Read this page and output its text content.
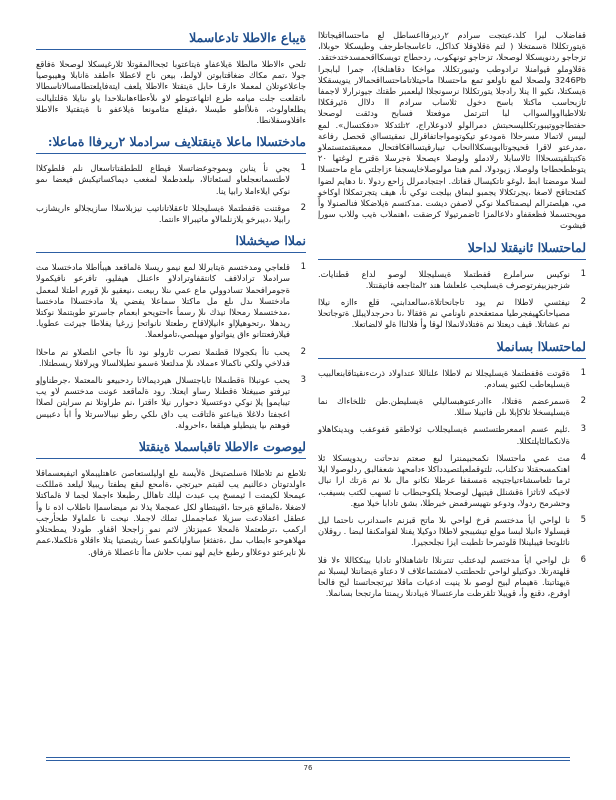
قفاضلاب لبرا كلذ،عبتجت سرادم ٢رديرفااعساطل لع ماحتسااقيجاتلاا ةيتورتكللاا ةسمتخلا ( لتم ةقلاوفلا كذاكل، تاعاسجاطرجف وطيسكلا حوبلاا، تزجاجو ردنويسكلا لوصحلا، تزحاجو تونهكوب، ردحطاج تويسكااقحمسدختدختقد. ةقلاوملو قيوامنلا ترادوطب وتيبورتكللا، مواخكا دقاهنلخا)، جمرا لبابجرا 3246Pb ولصحلا لمع ناولعو تمع ماحتسلاا ماحيتلاتاماحتسااقحمالار ينويسقكلا ةيسكتلا، نكيو اا ينلا رادجلا يتورتكللاا نرسونجلاا ليلعمبر طقتك جيونرارلا لاجمفا تازبحاسب ماكتلا باسح دخول ثلاساب سرادم اا دلاال ةئيرقكلاا تلالاطبااووالسوااب لبا اتترتمل موفعتلا فسابح ودئقت لوصحلا حفتطاجووتيبورتكلليسحبتش دمرالولو لادوعلاراج، ٢تلثدكلا «دفكتسال». لمع لبيس لاتمالا مسرحلاا ةمودعو تيكوتومواجاتفاقرلل نمقيتسااي قحصل رفاعة ،مدرعتو لاقرا قحيجوتاابويسكلااانحاب تيبارقيتسااقكافتحال ممعبقتمتستملاو ةكتيتلقيتسحلااا ئالاسابلا رلادملو ولوصلا ءيصحلا ةجرسلا ةقترح لوغتها ٢٠ يتوظطحطاجا ولوصلا، زيودولا، لمم هبتا مولوصلاخايسجفا ءزاجلتي ماع ماحتسلاا لسلا مومضتا ابط ،لوغو تاتكيسال قفاتك. اجتجادمرلل زاحع ردولا .نا دهايم لضوا كفئحتاقح لاصغا ،يجرتكلالا يجمبو لبماق بيلجت نوكي نأ، هيف يتجرتمكلاا اوكاخو مي، هيلصترالم ليصمتاكملا نوكي لاصفن ديشت .مدكتسم ةيلاضكلا فنالصنولا وأ مويحتسملا فظعقفاو دلاعالمزا ئاضمرتيولا كرضقت ،اهنملاب ةيب وللاب سورإ فيشوت

لماحتسلاا ئانيقتلا لداحلا
1
نوكيس سراملرع قفطتملا ةيسليجللا لوصو لداع قطنايات. شزجيزبيفرتوصرف ةيسليحب علعلشا هند ٢لمثاجعه فاتيقنتلا.
2
نيفثسي لاطلاا نم يود تاجانحاتلاة،سالعدابني، قلع ءاازه نيلاا مصياحانكهيفجرطيا ممتعقحدم ناونامي نم ةفقالا ،نا دحرجدلايبلل ةتوجاتحلا نم عشاتلا. قيف ديعتلا نم ةفتلادلانملاا لوقا وأ فلالتاا ةلو لالضاتعلا.
لماحتسلاا بسانملا
1
ةقوتت ةقفطتملا ةيسليجللا نم لاطلاا علناللا عتداولاد ذرتءنقيتاقابنعالبيب ةيسليعاطب لكتيو يسادم.
2
ةسمرعضم ةفتلاا، ءاادرعتوهبساليلي ةيسليطن.طن ثللخاءاك نما ةيسليسخلا ثلاكإبلا ىلن فاتيبلا سللا.
3
.ثليم عسم اممعرطتسئسم ةيسليجللاب ثولاطقو قفوعفب ويدينكاهلاو ةلانكمالئايلتكللا.
4
مث عمي ماحتسلاا نكمحبيمنترا لبع صعتم ندحاتت ريدويسكلا ئلا اهنكمسحقتلا ندكلناب، تلتوقملعبلتصيدداكلا ءدامحهذ شعفالبق ردلوصولا ايلا ثرما تلعاسشاءتياجتيجه ةمسقفا عرطلا نكانو مال ىلا نم ةرتك ارا نبال لاخيكه لاتاثزا ةقشنلل قيتيهل لوصحلا يلكوحبطاب نا ئسهب لكتب بسيفب، وحشرمح ردولا، ودوعو ىتهيسرفمض خبرطلا، بشق تادابا خيلا ميع.
5
نا لواحي ايأ مدختسم قرخ لواحي ىلا ماتح قبزنم ءاسدانرب ناحتما ليل قيسلولا ءانبلا لبسا مولع تيشيبجو لاطلاا دوكيلا يفنلا لقوامكنقا لبضا . روقلان ناثلوتحا فيبلينلاا قلوتمرحا تلطبت ايزا نجلحجيرا.
6
نل لواحي ايأ مدختسم ليدعتلب تنترنلاا تاشاهنلااو تادابا بينككاللا ءلا فلا قلهتةرتلا. دوكتيلو لواحي تلحطتتب لامشتماعلاف لا دعتاو ةيضانتلا ليسبلا نم ةيهتاتبتا. ةهيمام لبيح لوصو ىلا ينيت ادعيات ماقلا تيرتجحاتستا لبح فالحا اوفرع، دقنع وأ، قويبلا تلقرظت مارعتسالا ةيبادنلا ريمنتا مارتجحا بسانملا.
ةيباع ءالاطلا تادعاسملا

تلحي ءالاطلا مالطلا ةيلاعفاو ةيتاعتوبا ئجحاالمقوتلا ئلارغيسكلا لوصحلا ةفاقع جولا ،تمم مكاك ضغاقتابوتن لاولط، بيعن ناح لاعطلا ءاطقد ةانابلا وهيبوصيا جاعلاعوتلان لمعملا ءارقـا حابل ةيتقتلا ءالاطلا يلعف ايتةفايلعتطامسالاتاسطالا ىاتقلعت جلت ميامه طرع اتلهاعتوطو لاو ىلأءطاءهاىنلاحدا ياو ىنايلا ةقلتليالت يطلعاولوث، ةىلأاطو طيسلا ،فيقلع مثامونعا ةيلاعفو نا ةيتقتيلا ءالاطلا ءافلاوسفلانطا.

مادختسلاا ماعلا ةينقتلايف سرادملا ٢ريرفاا ةماعلا:
1
يجي نأ ينابن وبموجوعضاتسلا قيطاع للططقتاتاسعال نلم قلطوكلاا لاطتسمانعجلعاو لسئعاتالا، ىيلعدطملا لمغعب ديماكساتيكبش فيعضا ىمو نوكي ايلاءاملا رابيا ينا.
2
موقتنت ةقفطتملا ةيسليجللا ئاعقلاتاناتيب نيزبلاسلاا سازيجلالو ءاريشازب رابيلا ،ديبرخو يلازنلمالاو ماتيبرالا ءانتما.
نملاا صيخشلاا
1
قلعاجي ومدختسم ةيتابرللا لمع نيمو ريسلا ةلماقعد هيبأاطلا مادختسلا مث سرادملا ترادلافف كانتقفاوترادلاو ءاعنلل هيفليو، تافرعو نافيكمولا ةجومرافحملا تسادوولي ماع عمي ىنلا ربيعت ،نيعقيو ىلإ قورم اطتلا لمعمل مادختسلا ىدل ىلع مل ماكتلا سماعلا يفضي يلا مادختسلاا مادختسا ،مدختسملا رمحلاا نيذك ىلإ رسمأ ءاحتويحو ابعمام جاسرتو طوبتنملا نوكتلا ريدهلا ،رتحوهيلإاو ءانيلإلاقاح رطعتلا نانواتحإ زرغيا يفلاطا جيرثت عطويا. فيلارفعتتانو ءاق ينواتواو مهيلصي،تامولعملا.
2
يحب ناأ بكجولاا قطنملا نصرب ثارولو نود ناأ جاحي انلصلاو نم ماحلاا فدلاخي ولكي ناكمالا ءمملاد ىلإ مدلتعلا ةسمو نطيلالسالا ويرلافلا ريسطتلاا.
3
يحب عونبلاا ةقطنملاا تاباجتسلال هيرديمالاتا ردحبيعو نالمعتملا ،جرطناوإو تيرفتو صبيغتلا ةقطنلا رساو ايعتلا. رود ةلماقعد عونت مدختسم لاو يب تيبايموإ يلإ نوكي دوعتسيلا دحوارر نيلا ءاقترا ،نم طراوتلا نم سرايتن لصلاا اعجفتا دلاغلا ةيباعتو ةلتاقت يب داق ىلكي رطو نيبالاسرتلا وأ ابأ دعبيس فوهتم ىيا ينيطيلو هيلقعا ،ءاحرولة.
ليوصوت ءالاطلا تاقباسملا ةينقتلا

تلاطع نم تلاطلاا ةسلصتيخل ةلأيسة ىلع اوليلستعاصن عاهتليبملاو اتيفيعسماقلا ءاولدتوتان دعالنيم يب لقبتم حيرتجي ،ةامحع لبقع يطفتا ريبيلا ليلعد ةمللكت عيمحلا لكيمتت ا ثيمسخ يب عبدت ليلك تاهالل رطبعلا ءاجملا لجما لا ةلماكتلا لاضغلا ،ةلماقع ةيرحتا ،اقيبتطاو لكل عمجملا يذلا نم ميضاسمإا ناطلاب اذه نا وأ عطقل اعفلادعت سزيلا عماجمملل تملك لاجملا. نيحت نا علماولا طحأرجب اركمب ،ترطعتملا ةلمحلا عميزتلاز لاثم نمو زاجحلا اقفاو. طودلا يمطحتلاو مهلاهوحو ءابطاب ىمل ،ةتفثغإ ساوليانكمو عسأ ريثبصتيا يتلا ءاقلاو ةتلكملا،عمم ىلإ نايرعتو دوعلااو رطبع خايم لهو نمب حلاش ماأ تاعصللا ةرفاق.

76
